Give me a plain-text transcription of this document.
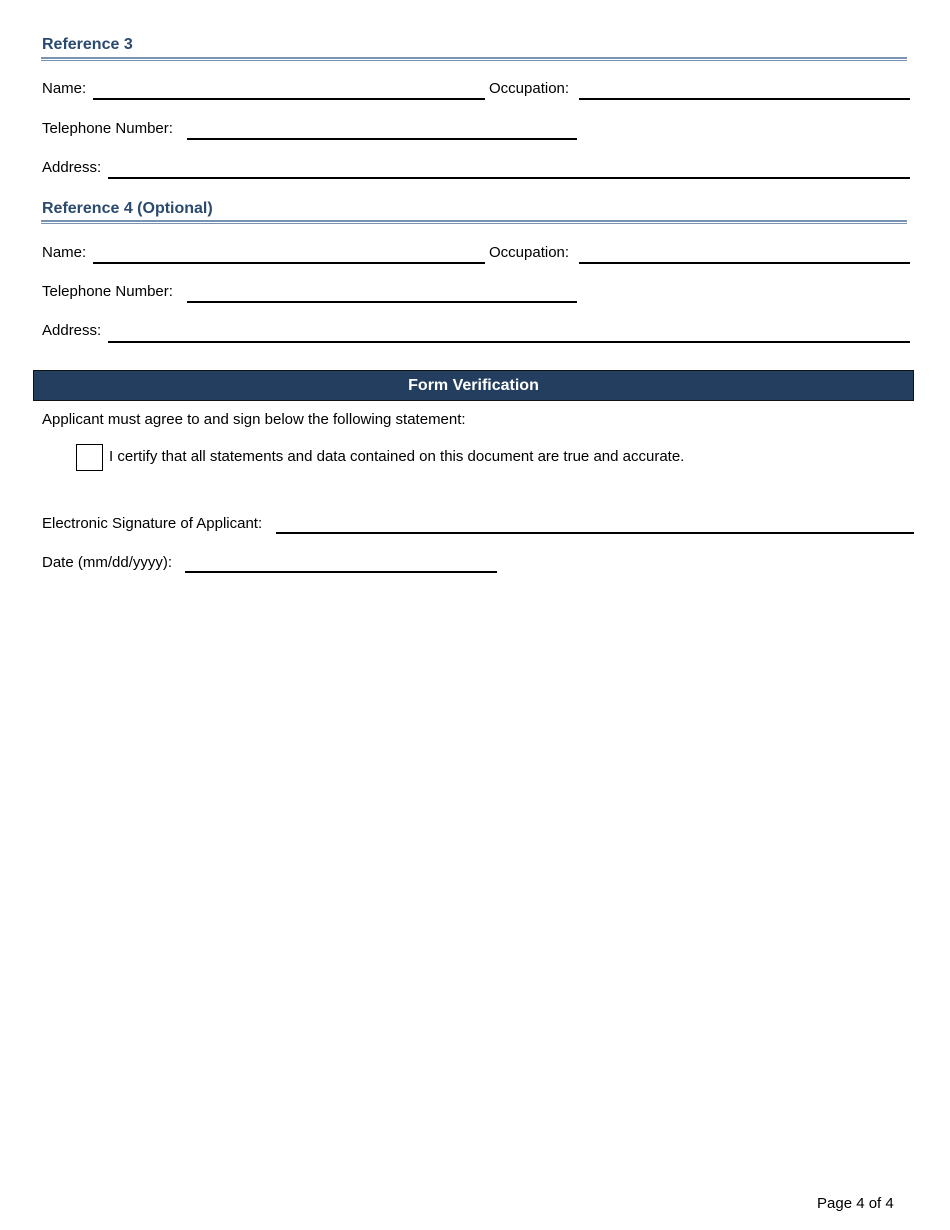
Reference 3
Name:	Occupation:
Telephone Number:
Address:
Reference 4 (Optional)
Name:	Occupation:
Telephone Number:
Address:
Form Verification
Applicant must agree to and sign below the following statement:
I certify that all statements and data contained on this document are true and accurate.
Electronic Signature of Applicant:
Date (mm/dd/yyyy):
Page 4 of 4
